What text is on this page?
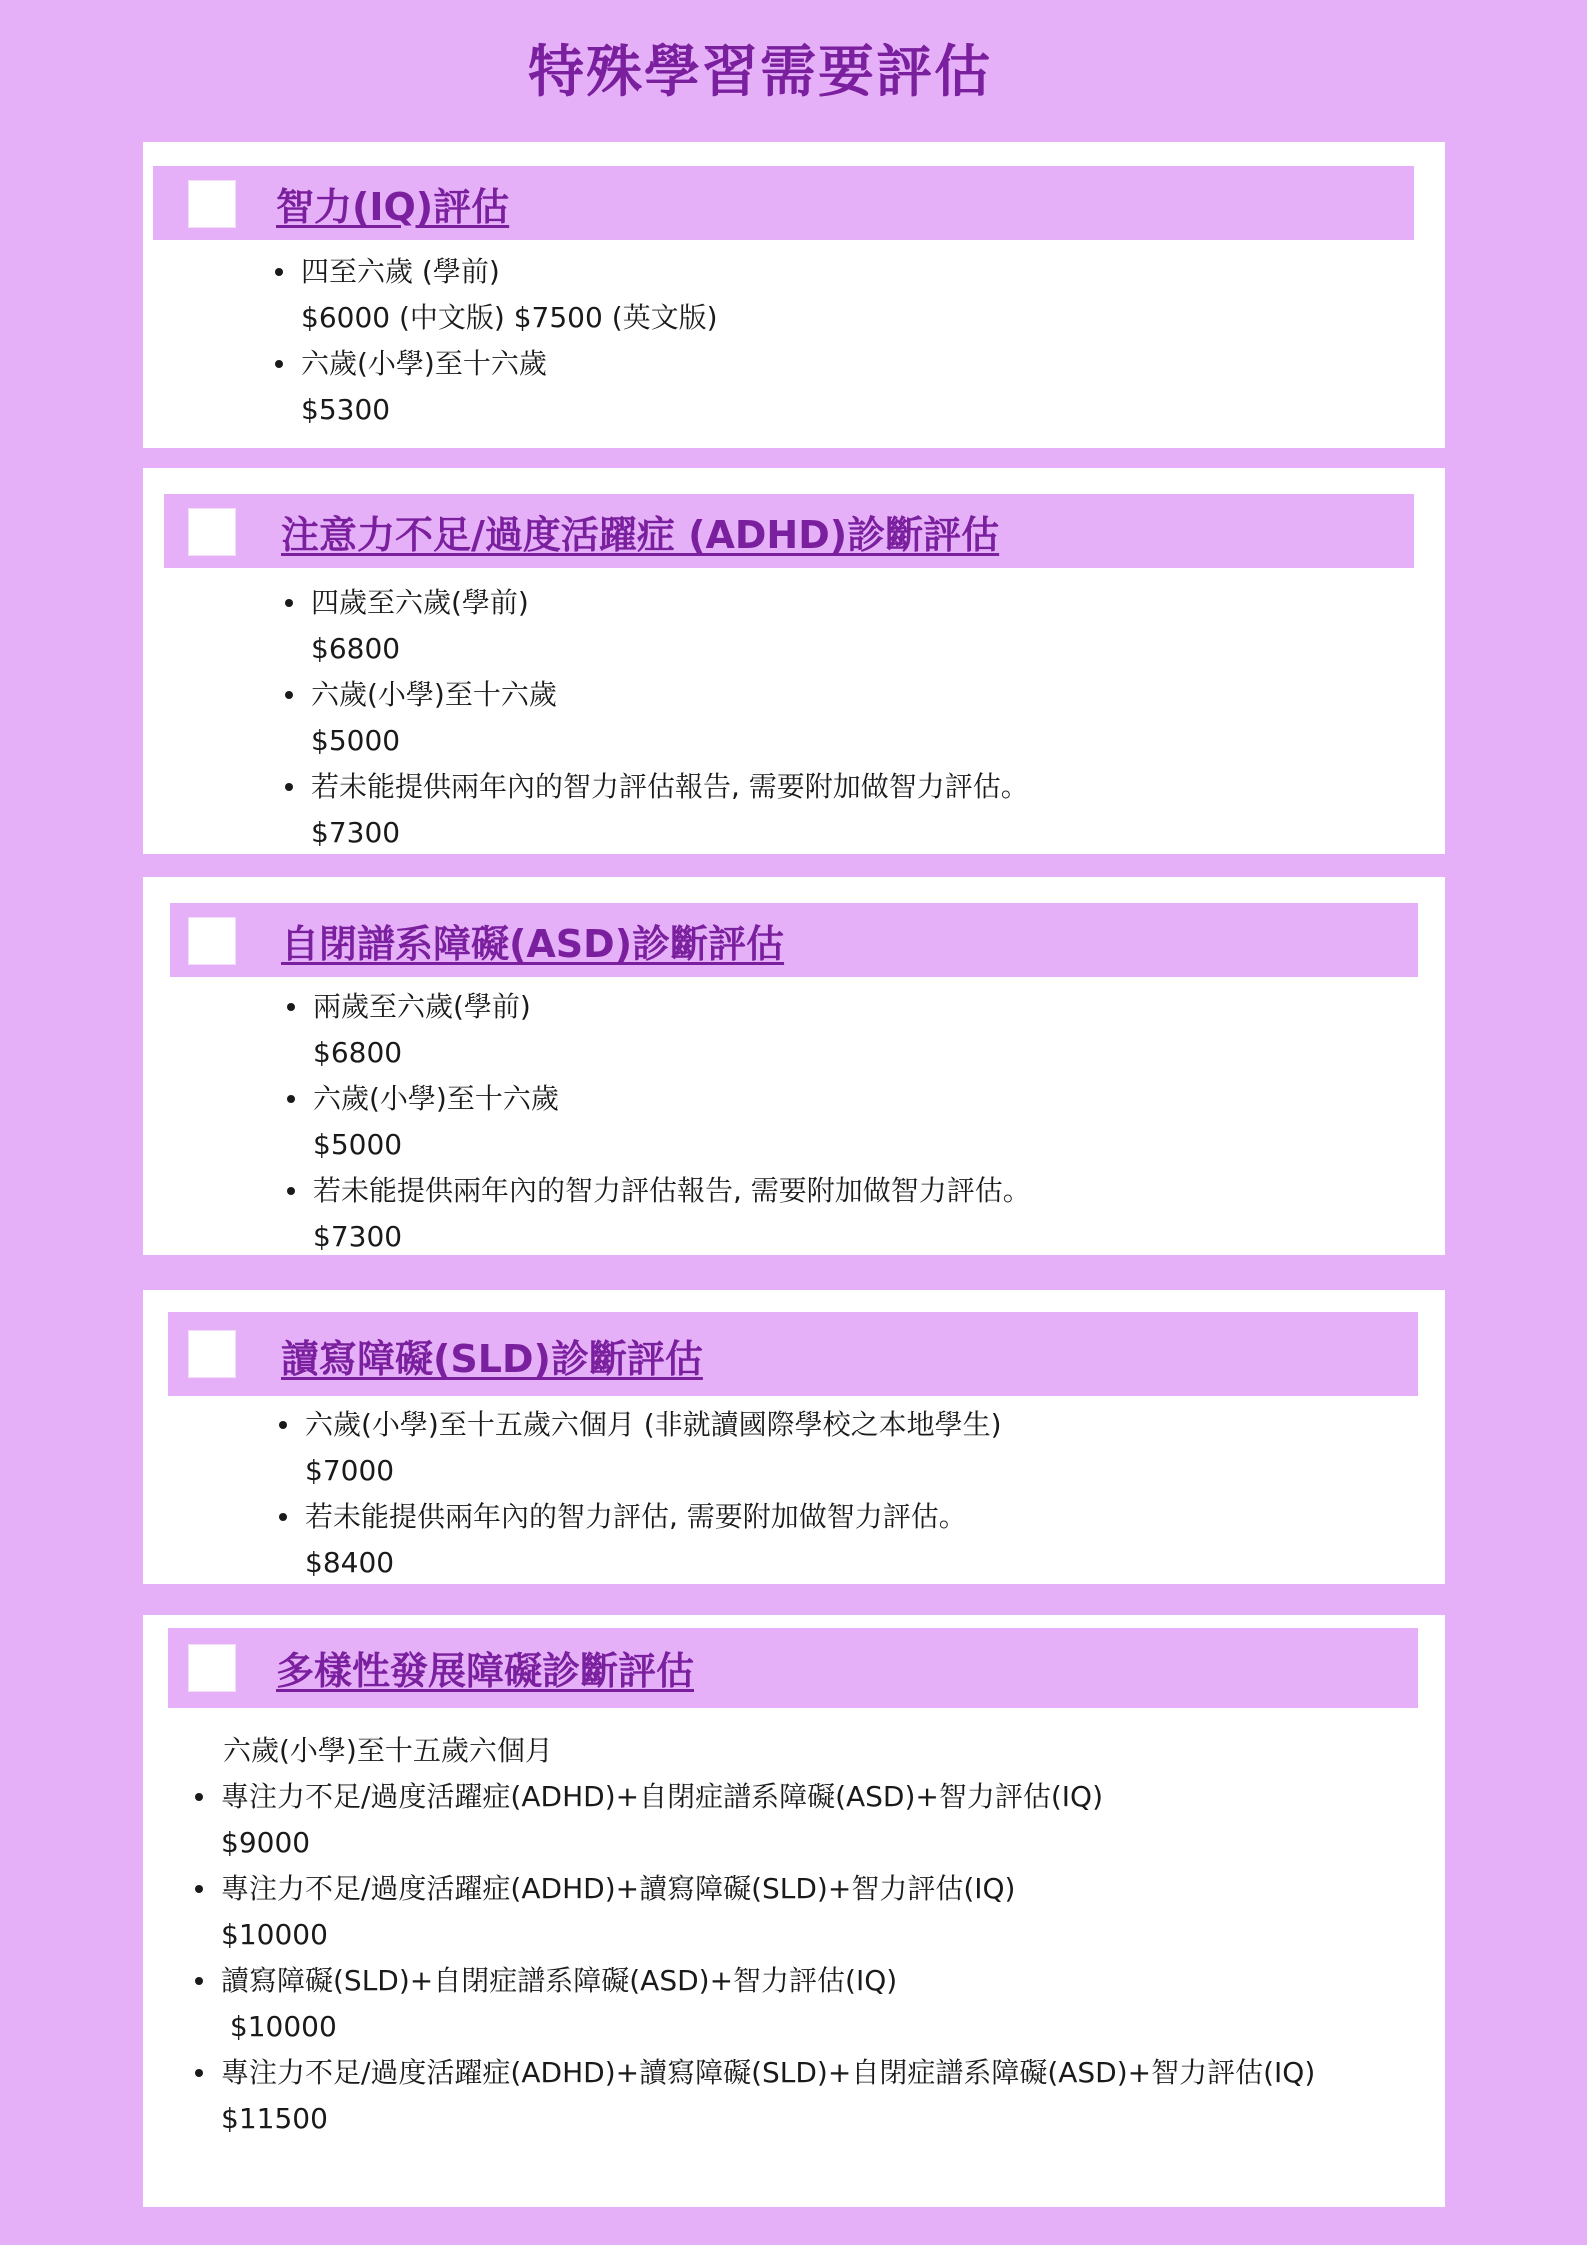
特殊學習需要評估
智力(IQ)評估
四至六歲 (學前)
$6000 (中文版) $7500 (英文版)
六歲(小學)至十六歲
$5300
注意力不足/過度活躍症 (ADHD)診斷評估
四歲至六歲(學前)
$6800
六歲(小學)至十六歲
$5000
若未能提供兩年內的智力評估報告, 需要附加做智力評估。
$7300
自閉譜系障礙(ASD)診斷評估
兩歲至六歲(學前)
$6800
六歲(小學)至十六歲
$5000
若未能提供兩年內的智力評估報告, 需要附加做智力評估。
$7300
讀寫障礙(SLD)診斷評估
六歲(小學)至十五歲六個月 (非就讀國際學校之本地學生)
$7000
若未能提供兩年內的智力評估, 需要附加做智力評估。
$8400
多樣性發展障礙診斷評估
六歲(小學)至十五歲六個月
專注力不足/過度活躍症(ADHD)+自閉症譜系障礙(ASD)+智力評估(IQ)
$9000
專注力不足/過度活躍症(ADHD)+讀寫障礙(SLD)+智力評估(IQ)
$10000
讀寫障礙(SLD)+自閉症譜系障礙(ASD)+智力評估(IQ)
$10000
專注力不足/過度活躍症(ADHD)+讀寫障礙(SLD)+自閉症譜系障礙(ASD)+智力評估(IQ)
$11500
